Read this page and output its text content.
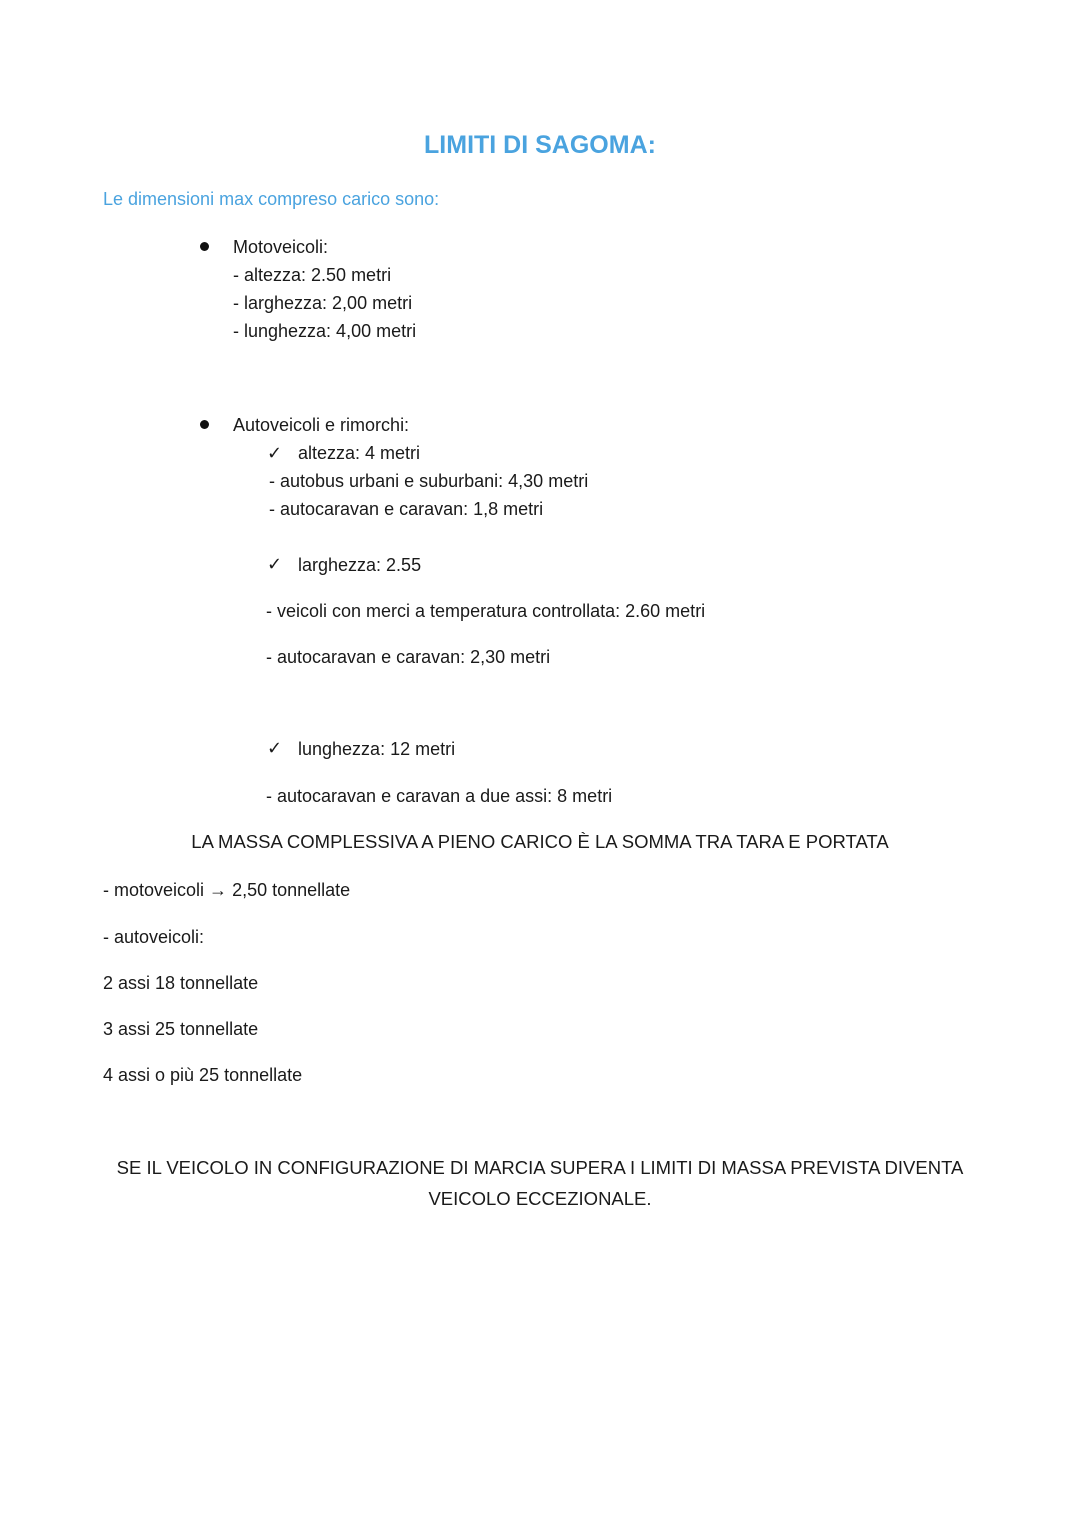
LIMITI DI SAGOMA:
Le dimensioni max compreso carico sono:
Motoveicoli:
- altezza: 2.50 metri
- larghezza: 2,00 metri
- lunghezza: 4,00 metri
Autoveicoli e rimorchi:
✓ altezza: 4 metri
- autobus urbani e suburbani: 4,30 metri
- autocaravan e caravan: 1,8 metri
✓ larghezza: 2.55
- veicoli con merci a temperatura controllata: 2.60 metri
- autocaravan e caravan: 2,30 metri
✓ lunghezza: 12 metri
- autocaravan e caravan a due assi: 8 metri
LA MASSA COMPLESSIVA A PIENO CARICO È LA SOMMA TRA TARA E PORTATA
- motoveicoli → 2,50 tonnellate
- autoveicoli:
2 assi 18 tonnellate
3 assi 25 tonnellate
4 assi o più 25 tonnellate
SE IL VEICOLO IN CONFIGURAZIONE DI MARCIA SUPERA I LIMITI DI MASSA PREVISTA DIVENTA
VEICOLO ECCEZIONALE.
